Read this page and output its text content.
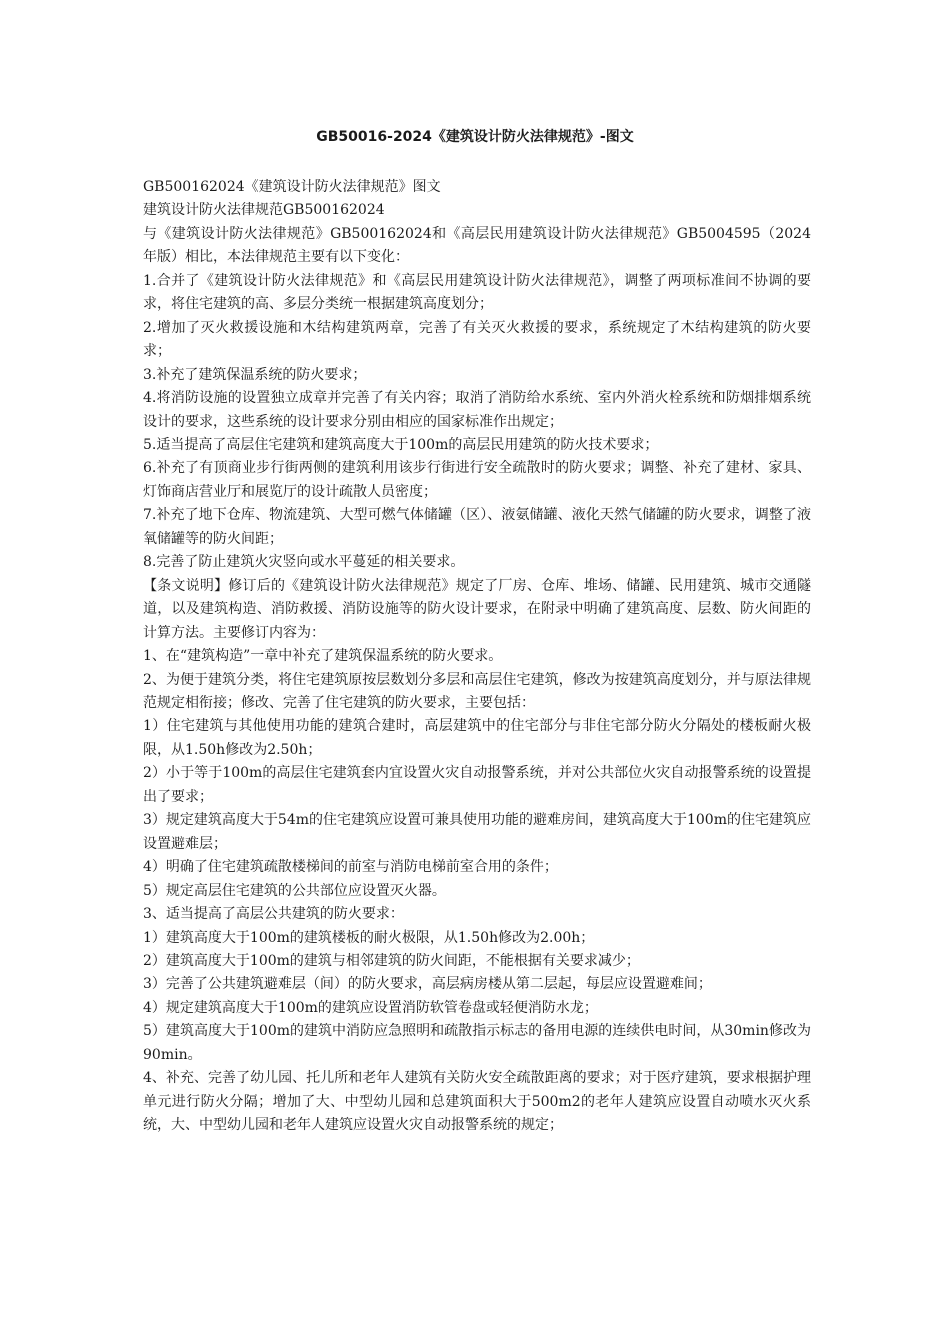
GB50016-2024《建筑设计防火法律规范》-图文

GB500162024《建筑设计防火法律规范》图文

建筑设计防火法律规范GB500162024

与《建筑设计防火法律规范》GB500162024和《高层民用建筑设计防火法律规范》GB5004595（2024年版）相比，本法律规范主要有以下变化：

1.合并了《建筑设计防火法律规范》和《高层民用建筑设计防火法律规范》，调整了两项标准间不协调的要求，将住宅建筑的高、多层分类统一根据建筑高度划分；

2.增加了灭火救援设施和木结构建筑两章，完善了有关灭火救援的要求，系统规定了木结构建筑的防火要求；

3.补充了建筑保温系统的防火要求；

4.将消防设施的设置独立成章并完善了有关内容；取消了消防给水系统、室内外消火栓系统和防烟排烟系统设计的要求，这些系统的设计要求分别由相应的国家标准作出规定；

5.适当提高了高层住宅建筑和建筑高度大于100m的高层民用建筑的防火技术要求；

6.补充了有顶商业步行街两侧的建筑利用该步行街进行安全疏散时的防火要求；调整、补充了建材、家具、灯饰商店营业厅和展览厅的设计疏散人员密度；

7.补充了地下仓库、物流建筑、大型可燃气体储罐（区）、液氨储罐、液化天然气储罐的防火要求，调整了液氧储罐等的防火间距；

8.完善了防止建筑火灾竖向或水平蔓延的相关要求。

【条文说明】修订后的《建筑设计防火法律规范》规定了厂房、仓库、堆场、储罐、民用建筑、城市交通隧道，以及建筑构造、消防救援、消防设施等的防火设计要求，在附录中明确了建筑高度、层数、防火间距的计算方法。主要修订内容为：

1、在“建筑构造”一章中补充了建筑保温系统的防火要求。

2、为便于建筑分类，将住宅建筑原按层数划分多层和高层住宅建筑，修改为按建筑高度划分，并与原法律规范规定相衔接；修改、完善了住宅建筑的防火要求，主要包括：

1）住宅建筑与其他使用功能的建筑合建时，高层建筑中的住宅部分与非住宅部分防火分隔处的楼板耐火极限，从1.50h修改为2.50h；

2）小于等于100m的高层住宅建筑套内宜设置火灾自动报警系统，并对公共部位火灾自动报警系统的设置提出了要求；

3）规定建筑高度大于54m的住宅建筑应设置可兼具使用功能的避难房间，建筑高度大于100m的住宅建筑应设置避难层；

4）明确了住宅建筑疏散楼梯间的前室与消防电梯前室合用的条件；

5）规定高层住宅建筑的公共部位应设置灭火器。

3、适当提高了高层公共建筑的防火要求：

1）建筑高度大于100m的建筑楼板的耐火极限，从1.50h修改为2.00h；

2）建筑高度大于100m的建筑与相邻建筑的防火间距，不能根据有关要求减少；

3）完善了公共建筑避难层（间）的防火要求，高层病房楼从第二层起，每层应设置避难间；

4）规定建筑高度大于100m的建筑应设置消防软管卷盘或轻便消防水龙；

5）建筑高度大于100m的建筑中消防应急照明和疏散指示标志的备用电源的连续供电时间，从30min修改为90min。

4、补充、完善了幼儿园、托儿所和老年人建筑有关防火安全疏散距离的要求；对于医疗建筑，要求根据护理单元进行防火分隔；增加了大、中型幼儿园和总建筑面积大于500m2的老年人建筑应设置自动喷水灭火系统，大、中型幼儿园和老年人建筑应设置火灾自动报警系统的规定；
